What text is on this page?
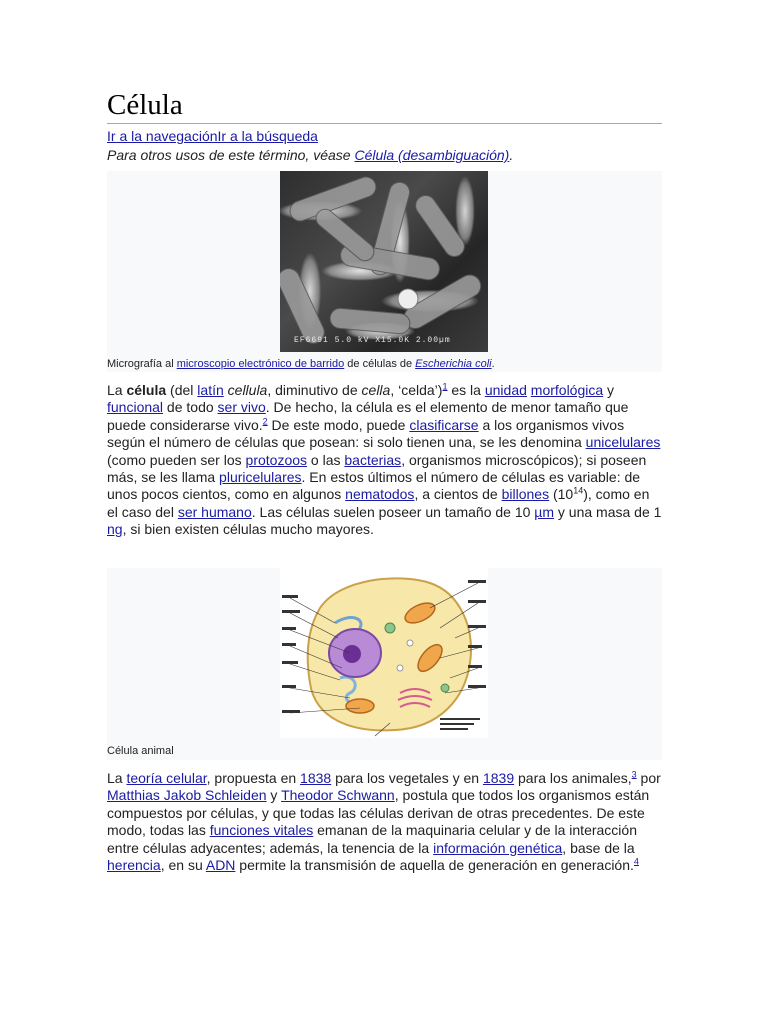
Célula
Ir a la navegaciónIr a la búsqueda
Para otros usos de este término, véase Célula (desambiguación).
EF6691 5.0 kV X15.0K 2.00µm
Micrografía al microscopio electrónico de barrido de células de Escherichia coli.

La célula (del latín cellula, diminutivo de cella, ‘celda’)$^1$ es la unidad morfológica y funcional de todo ser vivo. De hecho, la célula es el elemento de menor tamaño que puede considerarse vivo.$^2$ De este modo, puede clasificarse a los organismos vivos según el número de células que posean: si solo tienen una, se les denomina unicelulares (como pueden ser los protozoos o las bacterias, organismos microscópicos); si poseen más, se les llama pluricelulares. En estos últimos el número de células es variable: de unos pocos cientos, como en algunos nematodos, a cientos de billones $(10^{14})$, como en el caso del ser humano. Las células suelen poseer un tamaño de 10 µm y una masa de 1 ng, si bien existen células mucho mayores.

Célula animal

La teoría celular, propuesta en 1838 para los vegetales y en 1839 para los animales,$^3$ por Matthias Jakob Schleiden y Theodor Schwann, postula que todos los organismos están compuestos por células, y que todas las células derivan de otras precedentes. De este modo, todas las funciones vitales emanan de la maquinaria celular y de la interacción entre células adyacentes; además, la tenencia de la información genética, base de la herencia, en su ADN permite la transmisión de aquella de generación en generación.$^4$
